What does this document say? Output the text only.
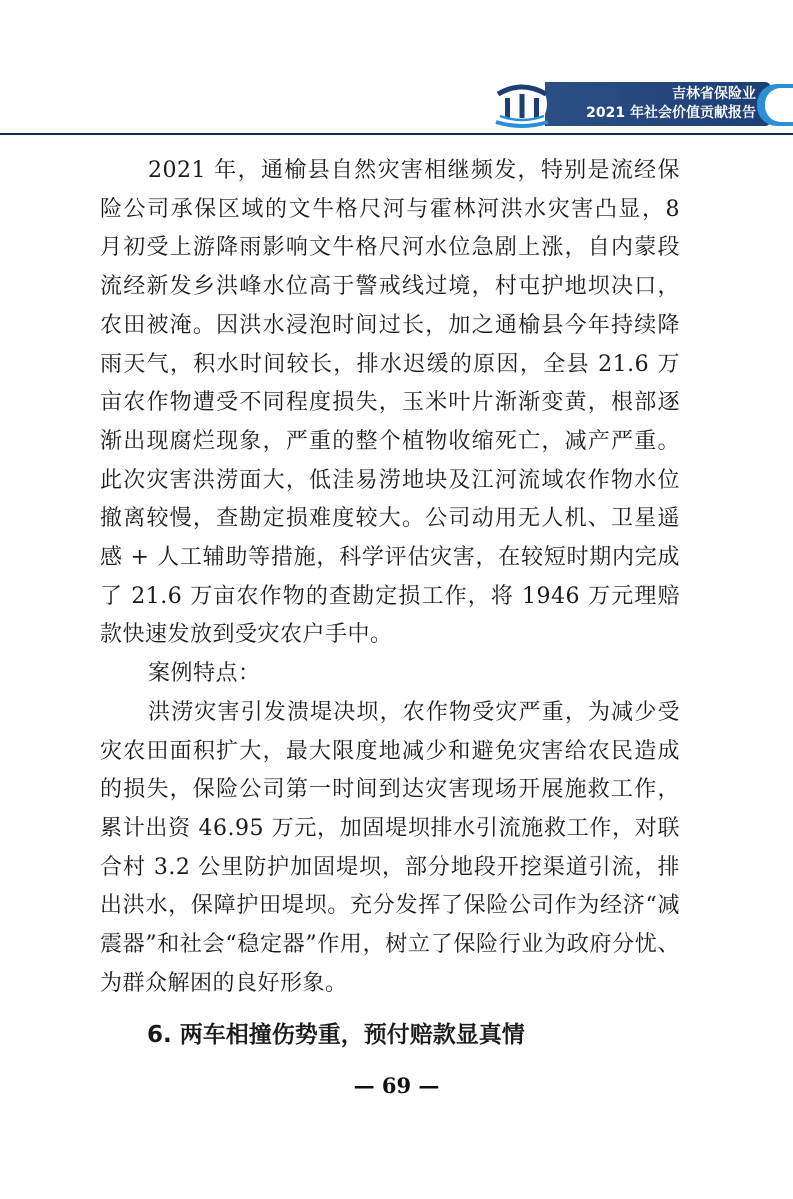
吉林省保险业
2021 年社会价值贡献报告

2021 年，通榆县自然灾害相继频发，特别是流经保险公司承保区域的文牛格尺河与霍林河洪水灾害凸显，8 月初受上游降雨影响文牛格尺河水位急剧上涨，自内蒙段流经新发乡洪峰水位高于警戒线过境，村屯护地坝决口，农田被淹。因洪水浸泡时间过长，加之通榆县今年持续降雨天气，积水时间较长，排水迟缓的原因，全县 21.6 万亩农作物遭受不同程度损失，玉米叶片渐渐变黄，根部逐渐出现腐烂现象，严重的整个植物收缩死亡，减产严重。此次灾害洪涝面大，低洼易涝地块及江河流域农作物水位撤离较慢，查勘定损难度较大。公司动用无人机、卫星遥感 + 人工辅助等措施，科学评估灾害，在较短时期内完成了 21.6 万亩农作物的查勘定损工作，将 1946 万元理赔款快速发放到受灾农户手中。

案例特点：

洪涝灾害引发溃堤决坝，农作物受灾严重，为减少受灾农田面积扩大，最大限度地减少和避免灾害给农民造成的损失，保险公司第一时间到达灾害现场开展施救工作，累计出资 46.95 万元，加固堤坝排水引流施救工作，对联合村 3.2 公里防护加固堤坝，部分地段开挖渠道引流，排出洪水，保障护田堤坝。充分发挥了保险公司作为经济“减震器”和社会“稳定器”作用，树立了保险行业为政府分忧、为群众解困的良好形象。

6. 两车相撞伤势重，预付赔款显真情
— 69 —
